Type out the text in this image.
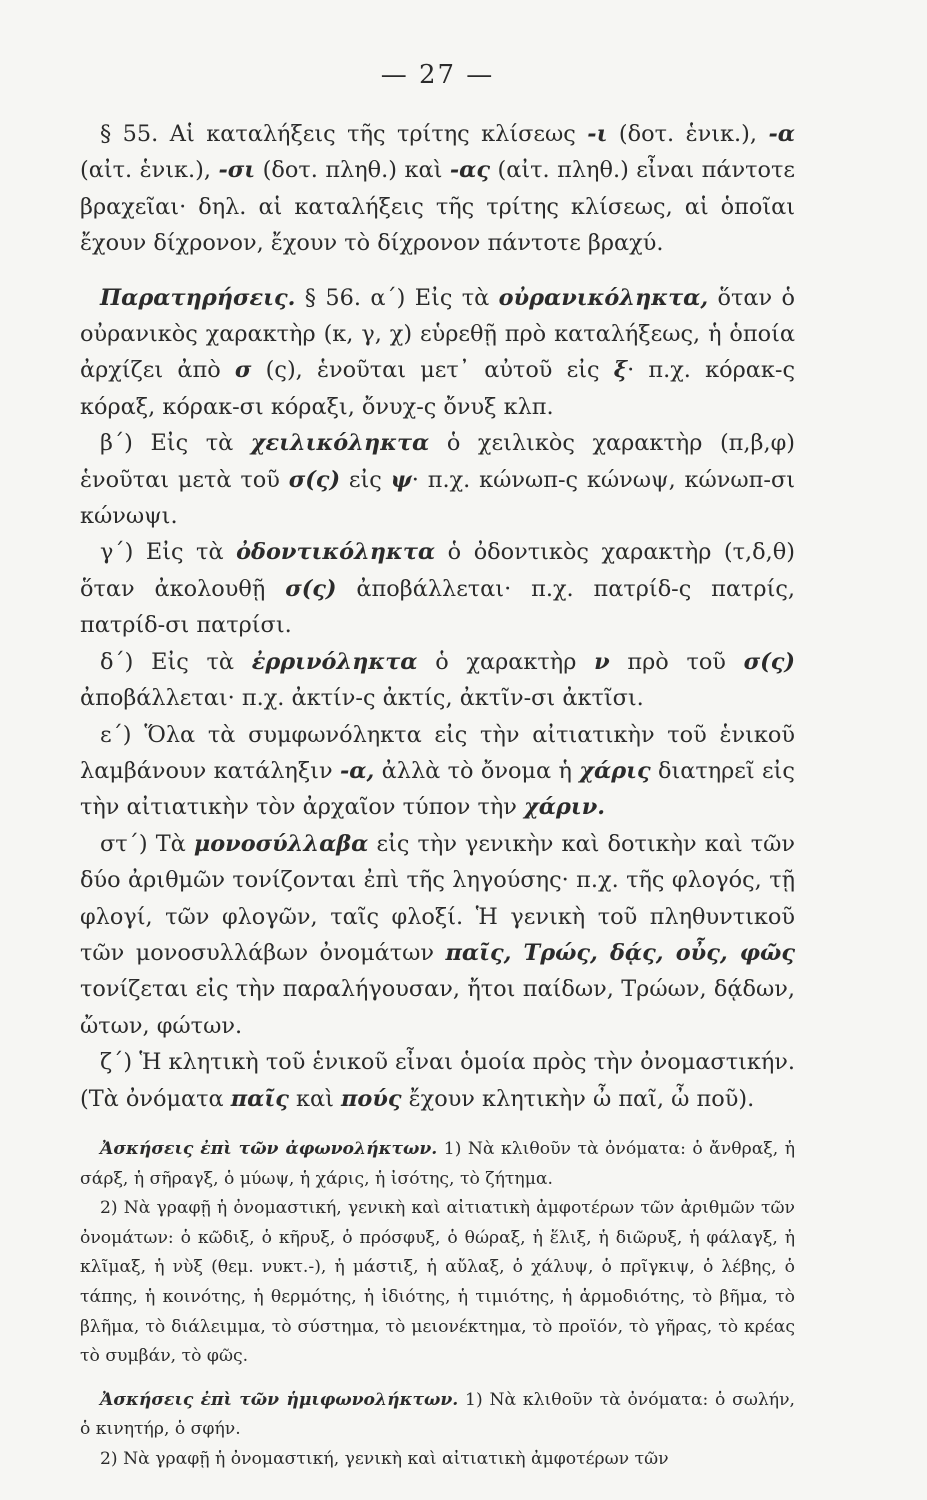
— 27 —

§ 55. Αἱ καταλήξεις τῆς τρίτης κλίσεως -ι (δοτ. ἑνικ.), -α (αἰτ. ἑνικ.), -σι (δοτ. πληθ.) καὶ -ας (αἰτ. πληθ.) εἶναι πάντοτε βραχεῖαι· δηλ. αἱ καταλήξεις τῆς τρίτης κλίσεως, αἱ ὁποῖαι ἔχουν δίχρονον, ἔχουν τὸ δίχρονον πάντοτε βραχύ.

Παρατηρήσεις. § 56. α΄) Εἰς τὰ οὐρανικόληκτα, ὅταν ὁ οὐρανικὸς χαρακτὴρ (κ, γ, χ) εὑρεθῇ πρὸ καταλήξεως, ἡ ὁποία ἀρχίζει ἀπὸ σ (ς), ἑνοῦται μετ᾽ αὐτοῦ εἰς ξ· π.χ. κόρακ-ς κόραξ, κόρακ-σι κόραξι, ὄνυχ-ς ὄνυξ κλπ.

β΄) Εἰς τὰ χειλικόληκτα ὁ χειλικὸς χαρακτὴρ (π,β,φ) ἑνοῦται μετὰ τοῦ σ(ς) εἰς ψ· π.χ. κώνωπ-ς κώνωψ, κώνωπ-σι κώνωψι.

γ΄) Εἰς τὰ ὀδοντικόληκτα ὁ ὀδοντικὸς χαρακτὴρ (τ,δ,θ) ὅταν ἀκολουθῇ σ(ς) ἀποβάλλεται· π.χ. πατρίδ-ς πατρίς, πατρίδ-σι πατρίσι.

δ΄) Εἰς τὰ ἐρρινόληκτα ὁ χαρακτὴρ ν πρὸ τοῦ σ(ς) ἀποβάλλεται· π.χ. ἀκτίν-ς ἀκτίς, ἀκτῖν-σι ἀκτῖσι.

ε΄) Ὅλα τὰ συμφωνόληκτα εἰς τὴν αἰτιατικὴν τοῦ ἑνικοῦ λαμβάνουν κατάληξιν -α, ἀλλὰ τὸ ὄνομα ἡ χάρις διατηρεῖ εἰς τὴν αἰτιατικὴν τὸν ἀρχαῖον τύπον τὴν χάριν.

στ΄) Τὰ μονοσύλλαβα εἰς τὴν γενικὴν καὶ δοτικὴν καὶ τῶν δύο ἀριθμῶν τονίζονται ἐπὶ τῆς ληγούσης· π.χ. τῆς φλογός, τῇ φλογί, τῶν φλογῶν, ταῖς φλοξί. Ἡ γενικὴ τοῦ πληθυντικοῦ τῶν μονοσυλλάβων ὀνομάτων παῖς, Τρώς, δᾴς, οὖς, φῶς τονίζεται εἰς τὴν παραλήγουσαν, ἤτοι παίδων, Τρώων, δᾴδων, ὤτων, φώτων.

ζ΄) Ἡ κλητικὴ τοῦ ἑνικοῦ εἶναι ὁμοία πρὸς τὴν ὀνομαστικήν. (Τὰ ὀνόματα παῖς καὶ πούς ἔχουν κλητικὴν ὦ παῖ, ὦ ποῦ).

Ἀσκήσεις ἐπὶ τῶν ἀφωνολήκτων. 1) Νὰ κλιθοῦν τὰ ὀνόματα: ὁ ἄνθραξ, ἡ σάρξ, ἡ σῆραγξ, ὁ μύωψ, ἡ χάρις, ἡ ἰσότης, τὸ ζήτημα.

2) Νὰ γραφῇ ἡ ὀνομαστική, γενικὴ καὶ αἰτιατικὴ ἀμφοτέρων τῶν ἀριθμῶν τῶν ὀνομάτων: ὁ κῶδιξ, ὁ κῆρυξ, ὁ πρόσφυξ, ὁ θώραξ, ἡ ἕλιξ, ἡ διῶρυξ, ἡ φάλαγξ, ἡ κλῖμαξ, ἡ νὺξ (θεμ. νυκτ.-), ἡ μάστιξ, ἡ αὔλαξ, ὁ χάλυψ, ὁ πρῖγκιψ, ὁ λέβης, ὁ τάπης, ἡ κοινότης, ἡ θερμότης, ἡ ἰδιότης, ἡ τιμιότης, ἡ ἁρμοδιότης, τὸ βῆμα, τὸ βλῆμα, τὸ διάλειμμα, τὸ σύστημα, τὸ μειονέκτημα, τὸ προϊόν, τὸ γῆρας, τὸ κρέας τὸ συμβάν, τὸ φῶς.

Ἀσκήσεις ἐπὶ τῶν ἡμιφωνολήκτων. 1) Νὰ κλιθοῦν τὰ ὀνόματα: ὁ σωλήν, ὁ κινητήρ, ὁ σφήν.

2) Νὰ γραφῇ ἡ ὀνομαστική, γενικὴ καὶ αἰτιατικὴ ἀμφοτέρων τῶν
